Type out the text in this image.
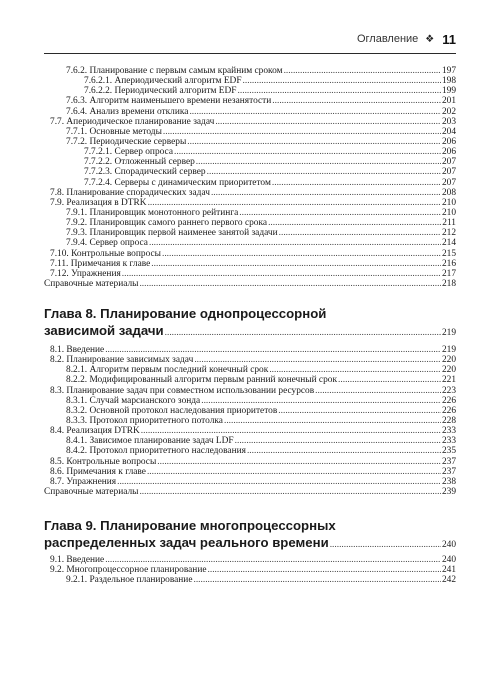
Оглавление ❖ 11
7.6.2. Планирование с первым самым крайним сроком .....	197
7.6.2.1. Апериодический алгоритм EDF .....	198
7.6.2.2. Периодический алгоритм EDF .....	199
7.6.3. Алгоритм наименьшего времени незанятости .....	201
7.6.4. Анализ времени отклика .....	202
7.7. Апериодическое планирование задач .....	203
7.7.1. Основные методы .....	204
7.7.2. Периодические серверы .....	206
7.7.2.1. Сервер опроса .....	206
7.7.2.2. Отложенный сервер .....	207
7.7.2.3. Спорадический сервер .....	207
7.7.2.4. Серверы с динамическим приоритетом .....	207
7.8. Планирование спорадических задач .....	208
7.9. Реализация в DTRK .....	210
7.9.1. Планировщик монотонного рейтинга .....	210
7.9.2. Планировщик самого раннего первого срока .....	211
7.9.3. Планировщик первой наименее занятой задачи .....	212
7.9.4. Сервер опроса .....	214
7.10. Контрольные вопросы .....	215
7.11. Примечания к главе .....	216
7.12. Упражнения .....	217
Справочные материалы .....	218
Глава 8. Планирование однопроцессорной
зависимой задачи .....	219
8.1. Введение .....	219
8.2. Планирование зависимых задач .....	220
8.2.1. Алгоритм первым последний конечный срок .....	220
8.2.2. Модифицированный алгоритм первым ранний конечный срок .....	221
8.3. Планирование задач при совместном использовании ресурсов .....	223
8.3.1. Случай марсианского зонда .....	226
8.3.2. Основной протокол наследования приоритетов .....	226
8.3.3. Протокол приоритетного потолка .....	228
8.4. Реализация DTRK .....	233
8.4.1. Зависимое планирование задач LDF .....	233
8.4.2. Протокол приоритетного наследования .....	235
8.5. Контрольные вопросы .....	237
8.6. Примечания к главе .....	237
8.7. Упражнения .....	238
Справочные материалы .....	239
Глава 9. Планирование многопроцессорных
распределенных задач реального времени .....	240
9.1. Введение .....	240
9.2. Многопроцессорное планирование .....	241
9.2.1. Раздельное планирование .....	242
